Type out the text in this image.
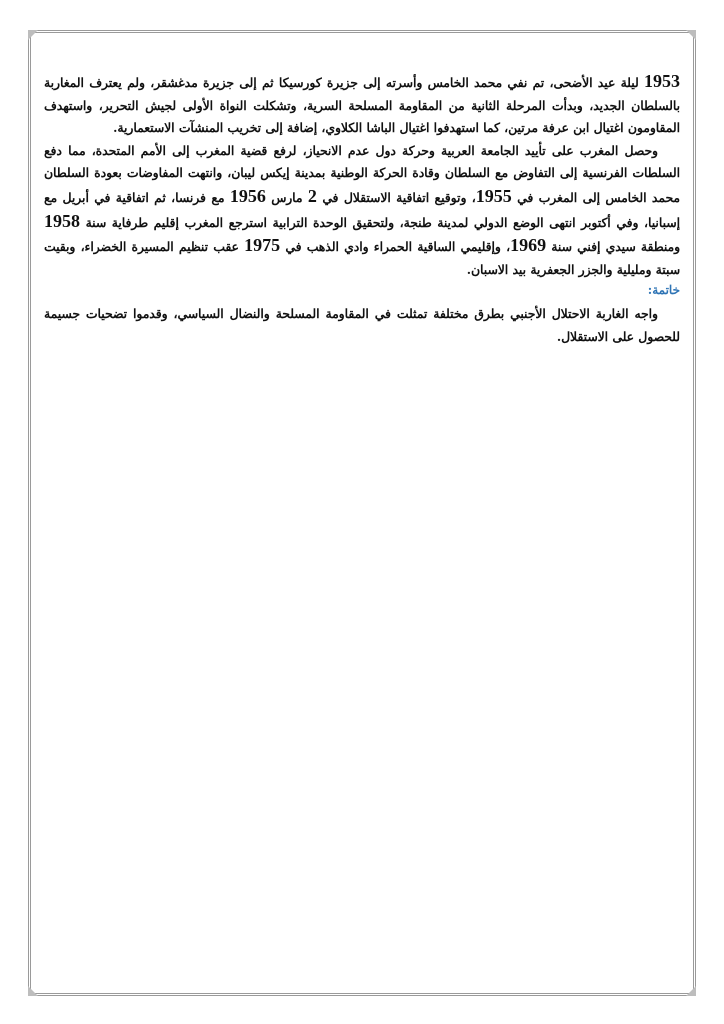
1953 ليلة عيد الأضحى، تم نفي محمد الخامس وأسرته إلى جزيرة كورسيكا ثم إلى جزيرة مدغشقر، ولم يعترف المغاربة بالسلطان الجديد، وبدأت المرحلة الثانية من المقاومة المسلحة السرية، وتشكلت النواة الأولى لجيش التحرير، واستهدف المقاومون اغتيال ابن عرفة مرتين، كما استهدفوا اغتيال الباشا الكلاوي، إضافة إلى تخريب المنشآت الاستعمارية.

وحصل المغرب على تأييد الجامعة العربية وحركة دول عدم الانحياز، لرفع قضية المغرب إلى الأمم المتحدة، مما دفع السلطات الفرنسية إلى التفاوض مع السلطان وقادة الحركة الوطنية بمدينة إيكس ليبان، وانتهت المفاوضات بعودة السلطان محمد الخامس إلى المغرب في 1955، وتوقيع اتفاقية الاستقلال في 2 مارس 1956 مع فرنسا، ثم اتفاقية في أبريل مع إسبانيا، وفي أكتوبر انتهى الوضع الدولي لمدينة طنجة، ولتحقيق الوحدة الترابية استرجع المغرب إقليم طرفاية سنة 1958 ومنطقة سيدي إفني سنة 1969، وإقليمي الساقية الحمراء وادي الذهب في 1975 عقب تنظيم المسيرة الخضراء، وبقيت سبتة ومليلية والجزر الجعفرية بيد الاسبان.

خاتمة:

واجه الغاربة الاحتلال الأجنبي بطرق مختلفة تمثلت في المقاومة المسلحة والنضال السياسي، وقدموا تضحيات جسيمة للحصول على الاستقلال.
